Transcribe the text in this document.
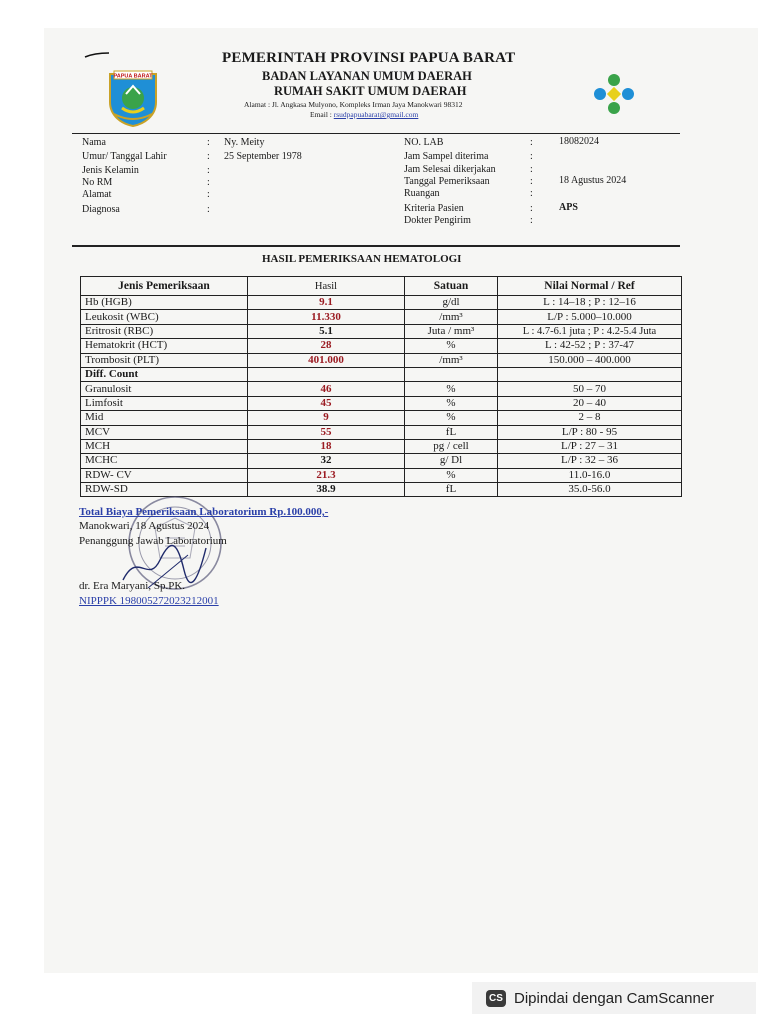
PAPUA BARAT
PEMERINTAH PROVINSI PAPUA BARAT
BADAN LAYANAN UMUM DAERAH
RUMAH SAKIT UMUM DAERAH
Alamat : Jl. Angkasa Mulyono, Kompleks Irman Jaya Manokwari 98312
Email : rsudpapuabarat@gmail.com
Nama	: Ny. Meity
Umur/ Tanggal Lahir	: 25 September 1978
Jenis Kelamin	:
No RM	:
Alamat	:
Diagnosa	:
NO. LAB	:	18082024
Jam Sampel diterima	:
Jam Selesai dikerjakan	:
Tanggal Pemeriksaan	:	18 Agustus 2024
Ruangan	:
Kriteria Pasien	:	APS
Dokter Pengirim	:
HASIL PEMERIKSAAN HEMATOLOGI
Jenis Pemeriksaan	Hasil	Satuan	Nilai Normal / Ref
Hb (HGB)	9.1	g/dl	L : 14–18 ; P : 12–16
Leukosit (WBC)	11.330	/mm³	L/P : 5.000–10.000
Eritrosit (RBC)	5.1	Juta / mm³	L : 4.7-6.1 juta ; P : 4.2-5.4 Juta
Hematokrit (HCT)	28	%	L : 42-52 ; P : 37-47
Trombosit (PLT)	401.000	/mm³	150.000 – 400.000
Diff. Count			
Granulosit	46	%	50 – 70
Limfosit	45	%	20 – 40
Mid	9	%	2 – 8
MCV	55	fL	L/P : 80 - 95
MCH	18	pg / cell	L/P : 27 – 31
MCHC	32	g/ Dl	L/P : 32 – 36
RDW- CV	21.3	%	11.0-16.0
RDW-SD	38.9	fL	35.0-56.0
Total Biaya Pemeriksaan Laboratorium Rp.100.000,-
Manokwari, 18 Agustus 2024
Penanggung Jawab Laboratorium
dr. Era Maryani, Sp.PK.
NIPPPK 198005272023212001
CS Dipindai dengan CamScanner
